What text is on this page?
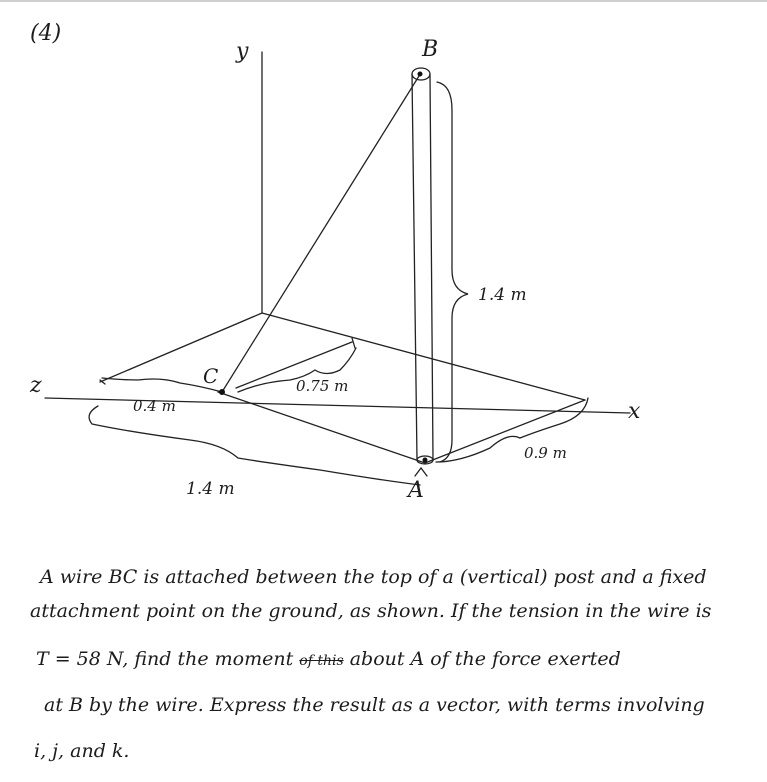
(4)
y	B
1.4 m
C	0.75 m
z
0.4 m	x
0.9 m
1.4 m	A
A wire BC is attached between the top of a (vertical) post and a fixed
attachment point on the ground, as shown. If the tension in the wire is
T = 58 N, find the moment of this about A of the force exerted
at B by the wire. Express the result as a vector, with terms involving
i, j, and k.
